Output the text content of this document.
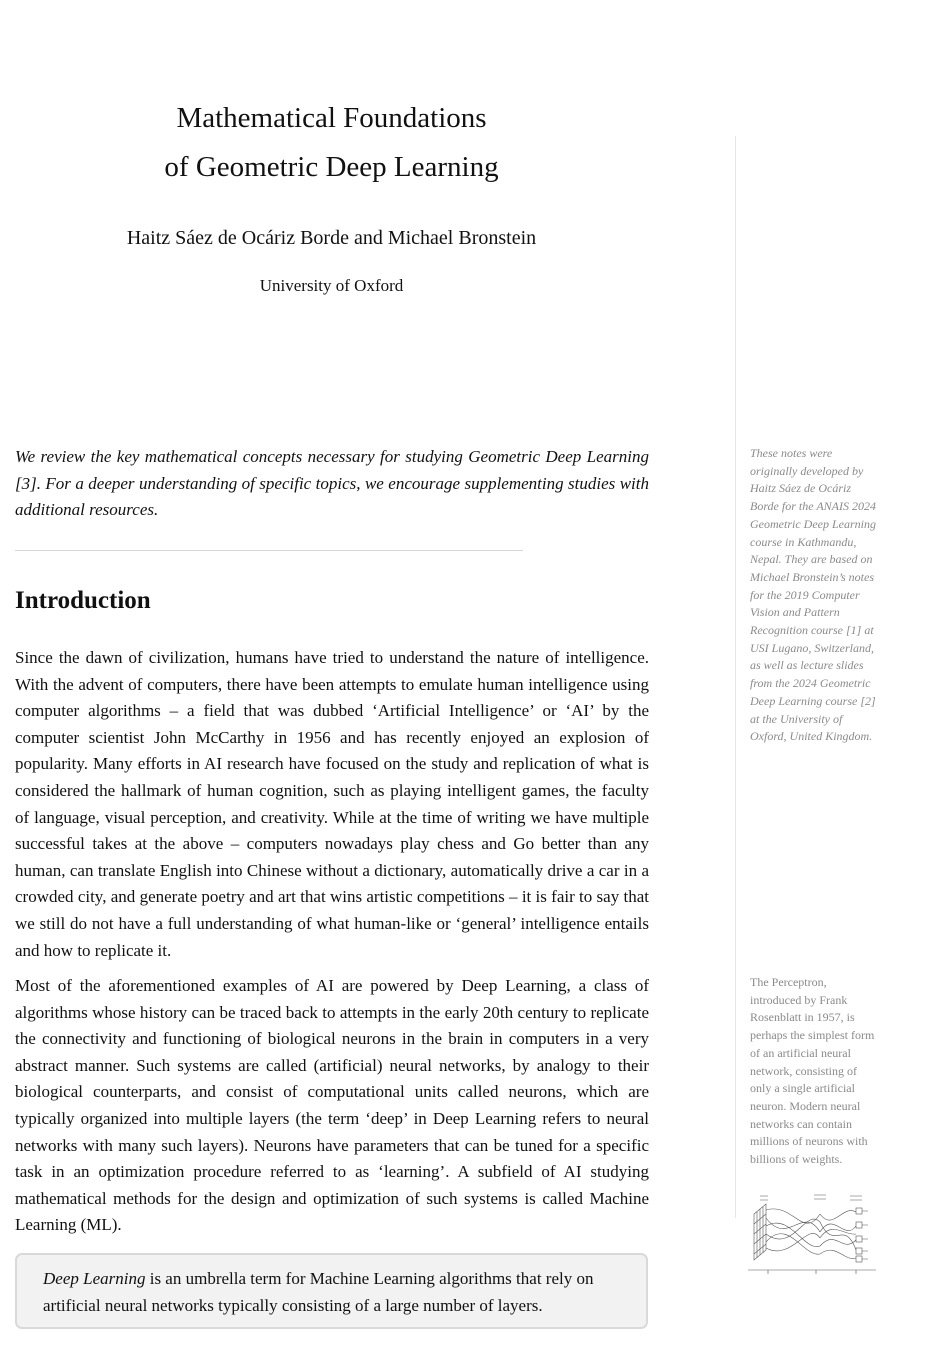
Mathematical Foundations
of Geometric Deep Learning
Haitz Sáez de Ocáriz Borde and Michael Bronstein
University of Oxford
We review the key mathematical concepts necessary for studying Geometric Deep Learning [3]. For a deeper understanding of specific topics, we encourage supplementing studies with additional resources.
Introduction

Since the dawn of civilization, humans have tried to understand the nature of intelligence. With the advent of computers, there have been attempts to emulate human intelligence using computer algorithms – a field that was dubbed ‘Artificial Intelligence’ or ‘AI’ by the computer scientist John McCarthy in 1956 and has recently enjoyed an explosion of popularity. Many efforts in AI research have focused on the study and replication of what is considered the hallmark of human cognition, such as playing intelligent games, the faculty of language, visual perception, and creativity. While at the time of writing we have multiple successful takes at the above – computers nowadays play chess and Go better than any human, can translate English into Chinese without a dictionary, automatically drive a car in a crowded city, and generate poetry and art that wins artistic competitions – it is fair to say that we still do not have a full understanding of what human-like or ‘general’ intelligence entails and how to replicate it.

Most of the aforementioned examples of AI are powered by Deep Learning, a class of algorithms whose history can be traced back to attempts in the early 20th century to replicate the connectivity and functioning of biological neurons in the brain in computers in a very abstract manner. Such systems are called (artificial) neural networks, by analogy to their biological counterparts, and consist of computational units called neurons, which are typically organized into multiple layers (the term ‘deep’ in Deep Learning refers to neural networks with many such layers). Neurons have parameters that can be tuned for a specific task in an optimization procedure referred to as ‘learning’. A subfield of AI studying mathematical methods for the design and optimization of such systems is called Machine Learning (ML).

Deep Learning is an umbrella term for Machine Learning algorithms that rely on artificial neural networks typically consisting of a large number of layers.
These notes were originally developed by Haitz Sáez de Ocáriz Borde for the ANAIS 2024 Geometric Deep Learning course in Kathmandu, Nepal. They are based on Michael Bronstein’s notes for the 2019 Computer Vision and Pattern Recognition course [1] at USI Lugano, Switzerland, as well as lecture slides from the 2024 Geometric Deep Learning course [2] at the University of Oxford, United Kingdom.
The Perceptron, introduced by Frank Rosenblatt in 1957, is perhaps the simplest form of an artificial neural network, consisting of only a single artificial neuron. Modern neural networks can contain millions of neurons with billions of weights.
